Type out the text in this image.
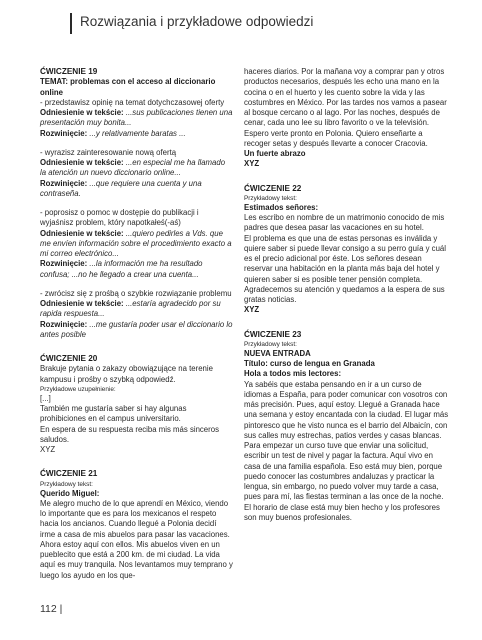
Rozwiązania i przykładowe odpowiedzi

ĆWICZENIE 19

TEMAT: problemas con el acceso al diccionario online

- przedstawisz opinię na temat dotychczasowej oferty

Odniesienie w tekście: ...sus publicaciones tienen una presentación muy bonita...

Rozwinięcie: ...y relativamente baratas ...

- wyrazisz zainteresowanie nową ofertą

Odniesienie w tekście: ...en especial me ha llamado la atención un nuevo diccionario online...

Rozwinięcie: ...que requiere una cuenta y una contraseña.

- poprosisz o pomoc w dostępie do publikacji i wyjaśnisz problem, który napotkałeś(-aś)

Odniesienie w tekście: ...quiero pedirles a Vds. que me envíen información sobre el procedimiento exacto a mi correo electrónico...

Rozwinięcie: ...la información me ha resultado confusa; ...no he llegado a crear una cuenta...

- zwrócisz się z prośbą o szybkie rozwiązanie problemu

Odniesienie w tekście: ...estaría agradecido por su rapida respuesta...

Rozwinięcie: ...me gustaría poder usar el diccionario lo antes posible

ĆWICZENIE 20

Brakuje pytania o zakazy obowiązujące na terenie kampusu i prośby o szybką odpowiedź.

Przykładowe uzupełnienie:

[...]

También me gustaría saber si hay algunas prohibiciones en el campus universitario.

En espera de su respuesta reciba mis más sinceros saludos.

XYZ

ĆWICZENIE 21

Przykładowy tekst:

Querido Miguel:

Me alegro mucho de lo que aprendí en México, viendo lo importante que es para los mexicanos el respeto hacia los ancianos. Cuando llegué a Polonia decidí irme a casa de mis abuelos para pasar las vacaciones. Ahora estoy aquí con ellos. Mis abuelos viven en un pueblecito que está a 200 km. de mi ciudad. La vida aquí es muy tranquila. Nos levantamos muy temprano y luego los ayudo en los que-

haceres diarios. Por la mañana voy a comprar pan y otros productos necesarios, después les echo una mano en la cocina o en el huerto y les cuento sobre la vida y las costumbres en México. Por las tardes nos vamos a pasear al bosque cercano o al lago. Por las noches, después de cenar, cada uno lee su libro favorito o ve la televisión.

Espero verte pronto en Polonia. Quiero enseñarte a recoger setas y después llevarte a conocer Cracovia.

Un fuerte abrazo

XYZ

ĆWICZENIE 22

Przykładowy tekst:

Estimados señores:

Les escribo en nombre de un matrimonio conocido de mis padres que desea pasar las vacaciones en su hotel.

El problema es que una de estas personas es inválida y quiere saber si puede llevar consigo a su perro guía y cuál es el precio adicional por éste. Los señores desean reservar una habitación en la planta más baja del hotel y quieren saber si es posible tener pensión completa.

Agradecemos su atención y quedamos a la espera de sus gratas noticias.

XYZ

ĆWICZENIE 23

Przykładowy tekst:

NUEVA ENTRADA

Título: curso de lengua en Granada

Hola a todos mis lectores:

Ya sabéis que estaba pensando en ir a un curso de idiomas a España, para poder comunicar con vosotros con más precisión. Pues, aquí estoy. Llegué a Granada hace una semana y estoy encantada con la ciudad. El lugar más pintoresco que he visto nunca es el barrio del Albaicín, con sus calles muy estrechas, patios verdes y casas blancas. Para empezar un curso tuve que enviar una solicitud, escribir un test de nivel y pagar la factura. Aquí vivo en casa de una familia española. Eso está muy bien, porque puedo conocer las costumbres andaluzas y practicar la lengua, sin embargo, no puedo volver muy tarde a casa, pues para mí, las fiestas terminan a las once de la noche. El horario de clase está muy bien hecho y los profesores son muy buenos profesionales.

112 |
